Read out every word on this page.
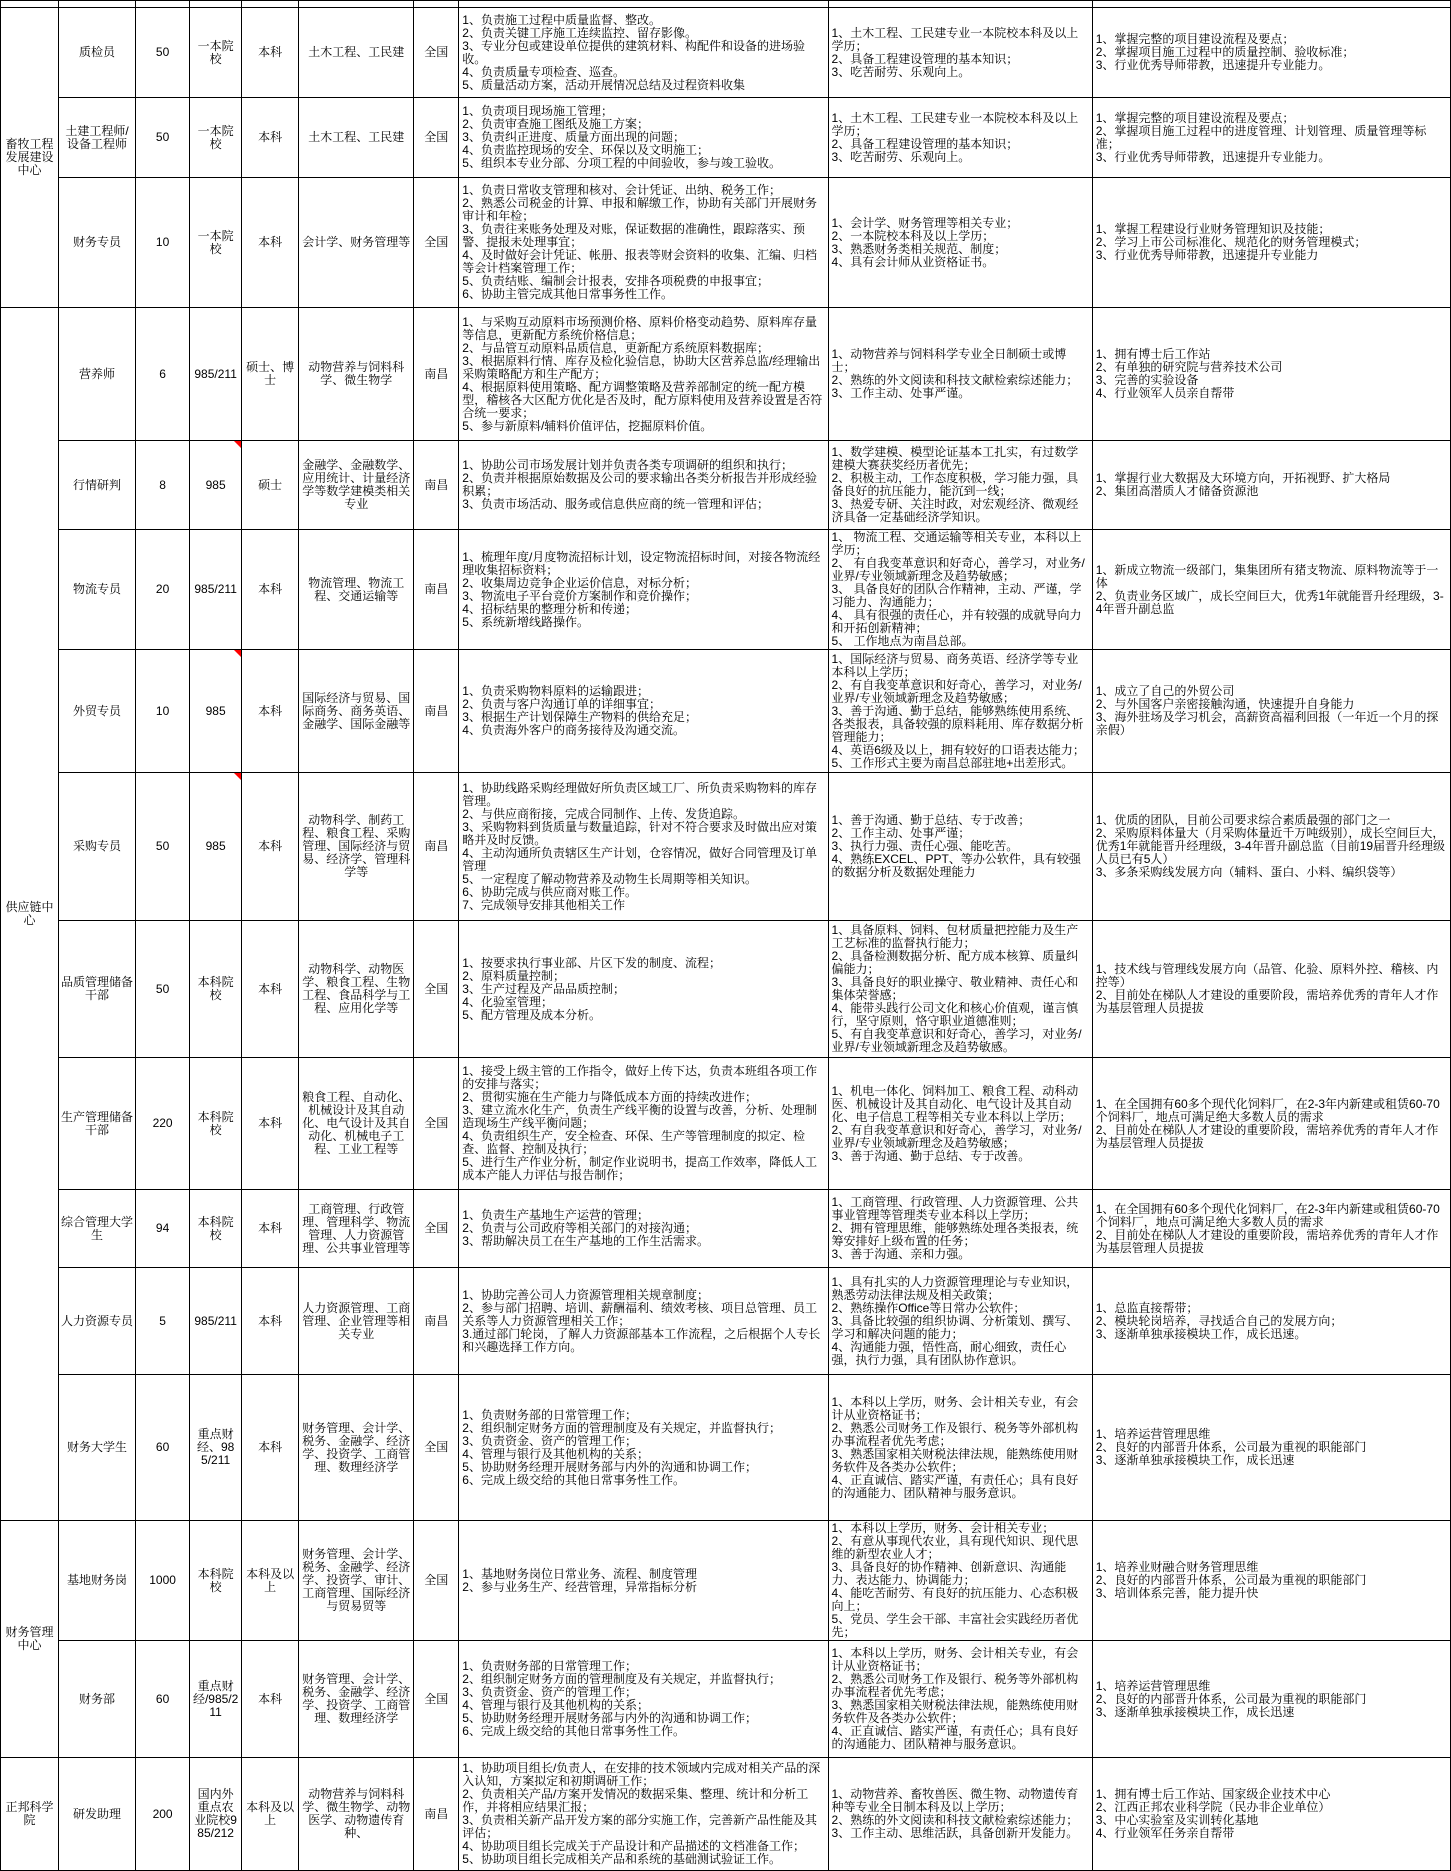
畜牧工程发展建设中心	质检员	50	一本院校	本科	土木工程、工民建	全国	
1、负责施工过程中质量监督、整改。
2、负责关键工序施工连续监控、留存影像。
3、专业分包或建设单位提供的建筑材料、构配件和设备的进场验收。
4、负责质量专项检查、巡查。
5、质量活动方案，活动开展情况总结及过程资料收集

1、土木工程、工民建专业一本院校本科及以上学历；
2、具备工程建设管理的基本知识；
3、吃苦耐劳、乐观向上。

1、掌握完整的项目建设流程及要点；
2、掌握项目施工过程中的质量控制、验收标准；
3、行业优秀导师带教，迅速提升专业能力。

土建工程师/设备工程师	50	一本院校	本科	土木工程、工民建	全国	
1、负责项目现场施工管理；
2、负责审查施工图纸及施工方案；
3、负责纠正进度、质量方面出现的问题；
4、负责监控现场的安全、环保以及文明施工；
5、组织本专业分部、分项工程的中间验收，参与竣工验收。

1、土木工程、工民建专业一本院校本科及以上学历；
2、具备工程建设管理的基本知识；
3、吃苦耐劳、乐观向上。

1、掌握完整的项目建设流程及要点；
2、掌握项目施工过程中的进度管理、计划管理、质量管理等标准；
3、行业优秀导师带教，迅速提升专业能力。

财务专员	10	一本院校	本科	会计学、财务管理等	全国	
1、负责日常收支管理和核对、会计凭证、出纳、税务工作；
2、熟悉公司税金的计算、申报和解缴工作，协助有关部门开展财务审计和年检；
3、负责往来账务处理及对账，保证数据的准确性，跟踪落实、预警、提报未处理事宜；
4、及时做好会计凭证、帐册、报表等财会资料的收集、汇编、归档等会计档案管理工作；
5、负责结账、编制会计报表，安排各项税费的申报事宜；
6、协助主管完成其他日常事务性工作。

1、会计学、财务管理等相关专业；
2、一本院校本科及以上学历；
3、熟悉财务类相关规范、制度；
4、具有会计师从业资格证书。

1、掌握工程建设行业财务管理知识及技能；
2、学习上市公司标准化、规范化的财务管理模式；
3、行业优秀导师带教，迅速提升专业能力

供应链中心	营养师	6	985/211	硕士、博士	动物营养与饲料科学、微生物学	南昌	
1、与采购互动原料市场预测价格、原料价格变动趋势、原料库存量等信息，更新配方系统价格信息；
2、与品管互动原料品质信息，更新配方系统原料数据库；
3、根据原料行情、库存及检化验信息，协助大区营养总监/经理输出采购策略配方和生产配方；
4、根据原料使用策略、配方调整策略及营养部制定的统一配方模型，稽核各大区配方优化是否及时，配方原料使用及营养设置是否符合统一要求；
5、参与新原料/辅料价值评估，挖掘原料价值。

1、动物营养与饲料科学专业全日制硕士或博士；
2、熟练的外文阅读和科技文献检索综述能力；
3、工作主动、处事严谨。

1、拥有博士后工作站
2、有单独的研究院与营养技术公司
3、完善的实验设备
4、行业领军人员亲自帮带

行情研判	8	985	硕士	金融学、金融数学、应用统计、计量经济学等数学建模类相关专业	南昌	
1、协助公司市场发展计划并负责各类专项调研的组织和执行；
2、负责并根据原始数据及公司的要求输出各类分析报告并形成经验积累；
3、负责市场活动、服务或信息供应商的统一管理和评估；

1、数学建模、模型论证基本工扎实，有过数学建模大赛获奖经历者优先；
2、积极主动，工作态度积极，学习能力强，具备良好的抗压能力，能沉到一线；
3、热爱专研、关注时政，对宏观经济、微观经济具备一定基础经济学知识。

1、掌握行业大数据及大环境方向，开拓视野、扩大格局
2、集团高潜质人才储备资源池

物流专员	20	985/211	本科	物流管理、物流工程、交通运输等	南昌	
1、梳理年度/月度物流招标计划，设定物流招标时间，对接各物流经理收集招标资料；
2、收集周边竞争企业运价信息，对标分析；
3、物流电子平台竞价方案制作和竞价操作；
4、招标结果的整理分析和传递；
5、系统新增线路操作。

1、 物流工程、交通运输等相关专业，本科以上学历；
2、 有自我变革意识和好奇心，善学习，对业务/业界/专业领域新理念及趋势敏感；
3、 具备良好的团队合作精神，主动、严谨，学习能力、沟通能力；
4、 具有很强的责任心，并有较强的成就导向力和开拓创新精神；
5、 工作地点为南昌总部。

1、新成立物流一级部门，集集团所有猪支物流、原料物流等于一体
2、负责业务区域广，成长空间巨大，优秀1年就能晋升经理级，3-4年晋升副总监

外贸专员	10	985	本科	国际经济与贸易、国际商务、商务英语、金融学、国际金融等	南昌	
1、负责采购物料原料的运输跟进；
2、负责与客户沟通订单的详细事宜；
3、根据生产计划保障生产物料的供给充足；
4、负责海外客户的商务接待及沟通交流。

1、国际经济与贸易、商务英语、经济学等专业本科以上学历；
2、有自我变革意识和好奇心，善学习，对业务/业界/专业领域新理念及趋势敏感；
3、善于沟通、勤于总结，能够熟练使用系统、各类报表，具备较强的原料耗用、库存数据分析管理能力；
4、英语6级及以上，拥有较好的口语表达能力；
5、工作形式主要为南昌总部驻地+出差形式。

1、成立了自己的外贸公司
2、与外国客户亲密接触沟通，快速提升自身能力
3、海外驻场及学习机会，高薪资高福利回报（一年近一个月的探亲假）

采购专员	50	985	本科	动物科学、制药工程、粮食工程、采购管理、国际经济与贸易、经济学、管理科学等	南昌	
1、协助线路采购经理做好所负责区域工厂、所负责采购物料的库存管理。
2、与供应商衔接，完成合同制作、上传、发货追踪。
3、采购物料到货质量与数量追踪，针对不符合要求及时做出应对策略并及时反馈。
4、主动沟通所负责辖区生产计划，仓容情况，做好合同管理及订单管理
5、一定程度了解动物营养及动物生长周期等相关知识。
6、协助完成与供应商对账工作。
7、完成领导安排其他相关工作

1、善于沟通、勤于总结、专于改善；
2、工作主动、处事严谨；
3、执行力强、责任心强、能吃苦。
4、熟练EXCEL、PPT、等办公软件，具有较强的数据分析及数据处理能力

1、优质的团队，目前公司要求综合素质最强的部门之一
2、采购原料体量大（月采购体量近千万吨级别），成长空间巨大，优秀1年就能晋升经理级，3-4年晋升副总监（目前19届晋升经理级人员已有5人）
3、多条采购线发展方向（辅料、蛋白、小料、编织袋等）

品质管理储备干部	50	本科院校	本科	动物科学、动物医学、粮食工程、生物工程、食品科学与工程、应用化学等	全国	
1、按要求执行事业部、片区下发的制度、流程；
2、原料质量控制；
3、生产过程及产品品质控制；
4、化验室管理；
5、配方管理及成本分析。

1、具备原料、饲料、包材质量把控能力及生产工艺标准的监督执行能力；
2、具备检测数据分析、配方成本核算、质量纠偏能力；
3、具备良好的职业操守、敬业精神、责任心和集体荣誉感；
4、能带头践行公司文化和核心价值观，谨言慎行，坚守原则，恪守职业道德准则；
5、有自我变革意识和好奇心，善学习，对业务/业界/专业领域新理念及趋势敏感。

1、技术线与管理线发展方向（品管、化验、原料外控、稽核、内控等）
2、目前处在梯队人才建设的重要阶段，需培养优秀的青年人才作为基层管理人员提拔

生产管理储备干部	220	本科院校	本科	粮食工程、自动化、机械设计及其自动化、电气设计及其自动化、机械电子工程、工业工程等	全国	
1、接受上级主管的工作指令，做好上传下达，负责本班组各项工作的安排与落实；
2、贯彻实施在生产能力与降低成本方面的持续改进作；
3、建立流水化生产，负责生产线平衡的设置与改善，分析、处理制造现场生产线平衡问题；
4、负责组织生产，安全检查、环保、生产等管理制度的拟定、检查、监督、控制及执行；
5、进行生产作业分析，制定作业说明书，提高工作效率，降低人工成本产能人力评估与报告制作；

1、机电一体化、饲料加工、粮食工程、动科动医、机械设计及其自动化、电气设计及其自动化、电子信息工程等相关专业本科以上学历；
2、有自我变革意识和好奇心，善学习，对业务/业界/专业领域新理念及趋势敏感；
3、善于沟通、勤于总结、专于改善。

1、在全国拥有60多个现代化饲料厂，在2-3年内新建或租赁60-70个饲料厂，地点可满足绝大多数人员的需求
2、目前处在梯队人才建设的重要阶段，需培养优秀的青年人才作为基层管理人员提拔

综合管理大学生	94	本科院校	本科	工商管理、行政管理、管理科学、物流管理、人力资源管理、公共事业管理等	全国	
1、负责生产基地生产运营的管理；
2、负责与公司政府等相关部门的对接沟通；
3、帮助解决员工在生产基地的工作生活需求。

1、工商管理、行政管理、人力资源管理、公共事业管理等管理类专业本科以上学历；
2、拥有管理思维，能够熟练处理各类报表，统筹安排好上级布置的任务；
3、善于沟通、亲和力强。

1、在全国拥有60多个现代化饲料厂，在2-3年内新建或租赁60-70个饲料厂，地点可满足绝大多数人员的需求
2、目前处在梯队人才建设的重要阶段，需培养优秀的青年人才作为基层管理人员提拔

人力资源专员	5	985/211	本科	人力资源管理、工商管理、企业管理等相关专业	南昌	
1、协助完善公司人力资源管理相关规章制度；
2、参与部门招聘、培训、薪酬福利、绩效考核、项目总管理、员工关系等人力资源管理相关工作；
3.通过部门轮岗，了解人力资源部基本工作流程，之后根据个人专长和兴趣选择工作方向。

1、具有扎实的人力资源管理理论与专业知识，熟悉劳动法律法规及相关政策；
2、熟练操作Office等日常办公软件；
3、具备比较强的组织协调、分析策划、撰写、学习和解决问题的能力；
4、沟通能力强，悟性高，耐心细致，责任心强，执行力强，具有团队协作意识。

1、总监直接帮带；
2、模块轮岗培养，寻找适合自己的发展方向；
3、逐渐单独承接模块工作，成长迅速。

财务大学生	60	重点财经、985/211	本科	财务管理、会计学、税务、金融学、经济学、投资学、工商管理、数理经济学	全国	
1、负责财务部的日常管理工作；
2、组织制定财务方面的管理制度及有关规定，并监督执行；
3、负责资金、资产的管理工作；
4、管理与银行及其他机构的关系；
5、协助财务经理开展财务部与内外的沟通和协调工作；
6、完成上级交给的其他日常事务性工作。

1、本科以上学历，财务、会计相关专业，有会计从业资格证书；
2、熟悉公司财务工作及银行、税务等外部机构办事流程者优先考虑；
3、熟悉国家相关财税法律法规，能熟练使用财务软件及各类办公软件；
4、正直诚信、踏实严谨，有责任心；具有良好的沟通能力、团队精神与服务意识。

1、培养运营管理思维
2、良好的内部晋升体系，公司最为重视的职能部门
3、逐渐单独承接模块工作，成长迅速

财务管理中心	基地财务岗	1000	本科院校	本科及以上	财务管理、会计学、税务、金融学、经济学、投资学、审计、工商管理、国际经济与贸易贸等	全国	1、基地财务岗位日常业务、流程、制度管理
2、参与业务生产、经营管理，异常指标分析

1、本科以上学历，财务、会计相关专业；
2、有意从事现代农业，具有现代知识、现代思维的新型农业人才；
3、具备良好的协作精神、创新意识、沟通能力、表达能力、协调能力；
4、能吃苦耐劳、有良好的抗压能力、心态积极向上；
5、党员、学生会干部、丰富社会实践经历者优先；

1、培养业财融合财务管理思维
2、良好的内部晋升体系，公司最为重视的职能部门
3、培训体系完善，能力提升快

财务部	60	重点财经/985/211	本科	财务管理、会计学、税务、金融学、经济学、投资学、工商管理、数理经济学	全国	
1、负责财务部的日常管理工作；
2、组织制定财务方面的管理制度及有关规定，并监督执行；
3、负责资金、资产的管理工作；
4、管理与银行及其他机构的关系；
5、协助财务经理开展财务部与内外的沟通和协调工作；
6、完成上级交给的其他日常事务性工作。

1、本科以上学历，财务、会计相关专业，有会计从业资格证书；
2、熟悉公司财务工作及银行、税务等外部机构办事流程者优先考虑；
3、熟悉国家相关财税法律法规，能熟练使用财务软件及各类办公软件；
4、正直诚信、踏实严谨，有责任心；具有良好的沟通能力、团队精神与服务意识。

1、培养运营管理思维
2、良好的内部晋升体系，公司最为重视的职能部门
3、逐渐单独承接模块工作，成长迅速

正邦科学院	研发助理	200	国内外重点农业院校985/212	本科及以上	动物营养与饲料科学、微生物学、动物医学、动物遗传育种、	南昌	
1、协助项目组长/负责人，在安排的技术领域内完成对相关产品的深入认知，方案拟定和初期调研工作；
2、负责相关产品/方案开发情况的数据采集、整理、统计和分析工作，并将相应结果汇报；
3、负责相关新产品开发方案的部分实施工作，完善新产品性能及其评估；
4、协助项目组长完成关于产品设计和产品描述的文档准备工作；
5、协助项目组长完成相关产品和系统的基础测试验证工作。

1、动物营养、畜牧兽医、微生物、动物遗传育种等专业全日制本科及以上学历；
2、熟练的外文阅读和科技文献检索综述能力；
3、工作主动、思维活跃，具备创新开发能力。

1、拥有博士后工作站、国家级企业技术中心
2、江西正邦农业科学院（民办非企业单位）
3、中心实验室及实训转化基地
4、行业领军任务亲自帮带
